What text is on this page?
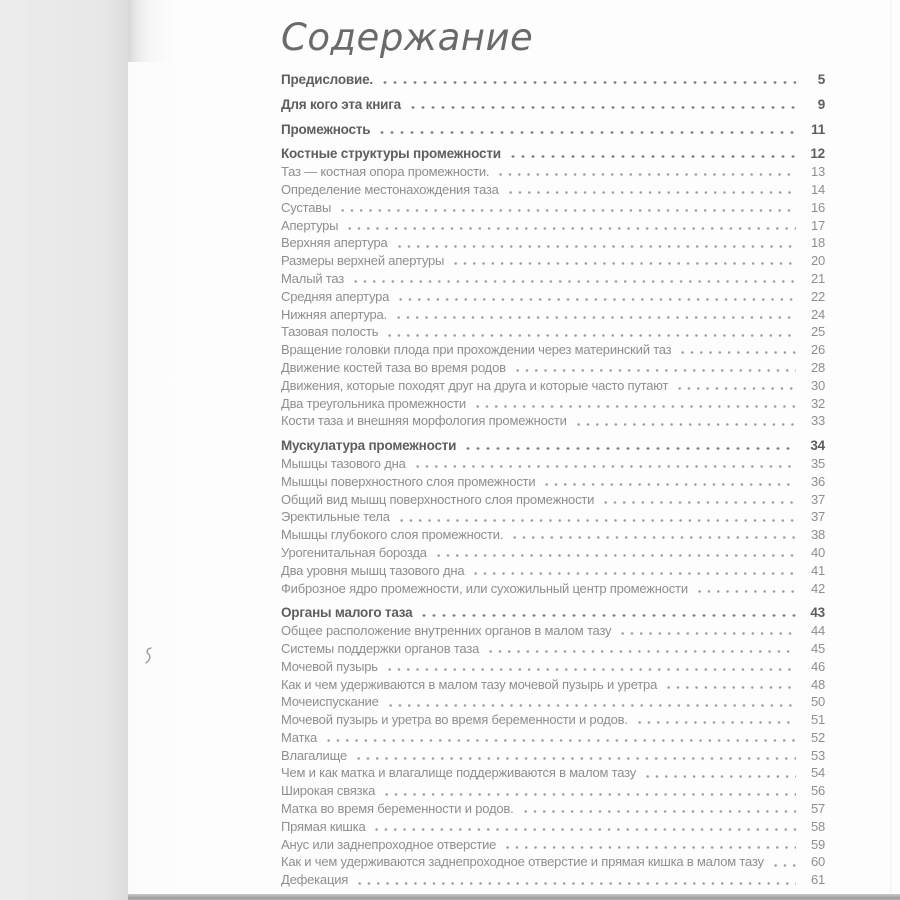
Содержание
Предисловие.	5
Для кого эта книга	9
Промежность	11
Костные структуры промежности	12
Таз — костная опора промежности.	13
Определение местонахождения таза	14
Суставы	16
Апертуры	17
Верхняя апертура	18
Размеры верхней апертуры	20
Малый таз	21
Средняя апертура	22
Нижняя апертура.	24
Тазовая полость	25
Вращение головки плода при прохождении через материнский таз	26
Движение костей таза во время родов	28
Движения, которые походят друг на друга и которые часто путают	30
Два треугольника промежности	32
Кости таза и внешняя морфология промежности	33
Мускулатура промежности	34
Мышцы тазового дна	35
Мышцы поверхностного слоя промежности	36
Общий вид мышц поверхностного слоя промежности	37
Эректильные тела	37
Мышцы глубокого слоя промежности.	38
Урогенитальная борозда	40
Два уровня мышц тазового дна	41
Фиброзное ядро промежности, или сухожильный центр промежности	42
Органы малого таза	43
Общее расположение внутренних органов в малом тазу	44
Системы поддержки органов таза	45
Мочевой пузырь	46
Как и чем удерживаются в малом тазу мочевой пузырь и уретра	48
Мочеиспускание	50
Мочевой пузырь и уретра во время беременности и родов.	51
Матка	52
Влагалище	53
Чем и как матка и влагалище поддерживаются в малом тазу	54
Широкая связка	56
Матка во время беременности и родов.	57
Прямая кишка	58
Анус или заднепроходное отверстие	59
Как и чем удерживаются заднепроходное отверстие и прямая кишка в малом тазу	60
Дефекация	61
